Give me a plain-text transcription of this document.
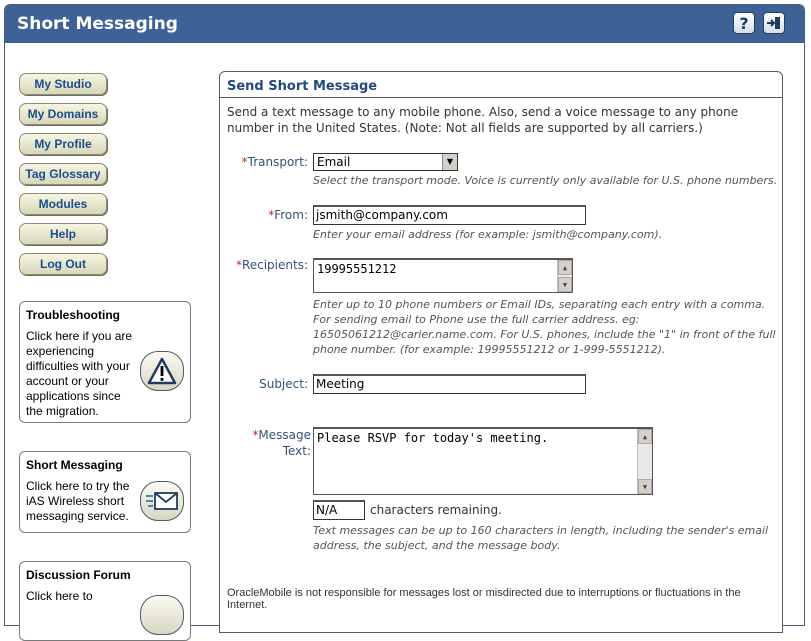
Short Messaging	?
My Studio
My Domains
My Profile
Tag Glossary
Modules
Help
Log Out
Troubleshooting
Click here if you are experiencing difficulties with your account or your applications since the migration.
Short Messaging
Click here to try the iAS Wireless short messaging service.
Discussion Forum
Click here to
Send Short Message
Send a text message to any mobile phone. Also, send a voice message to any phone number in the United States. (Note: Not all fields are supported by all carriers.)
*Transport: Email	▼
Select the transport mode. Voice is currently only available for U.S. phone numbers.
*From: jsmith@company.com
Enter your email address (for example: jsmith@company.com).
*Recipients: 19995551212	▲
▼
Enter up to 10 phone numbers or Email IDs, separating each entry with a comma. For sending email to Phone use the full carrier address. eg: 16505061212@carier.name.com. For U.S. phones, include the "1" in front of the full phone number. (for example: 19995551212 or 1-999-5551212).
Subject: Meeting
*Message
Text:
Please RSVP for today's meeting.	▲
▼
N/A	characters remaining.
Text messages can be up to 160 characters in length, including the sender's email address, the subject, and the message body.
OracleMobile is not responsible for messages lost or misdirected due to interruptions or fluctuations in the Internet.
